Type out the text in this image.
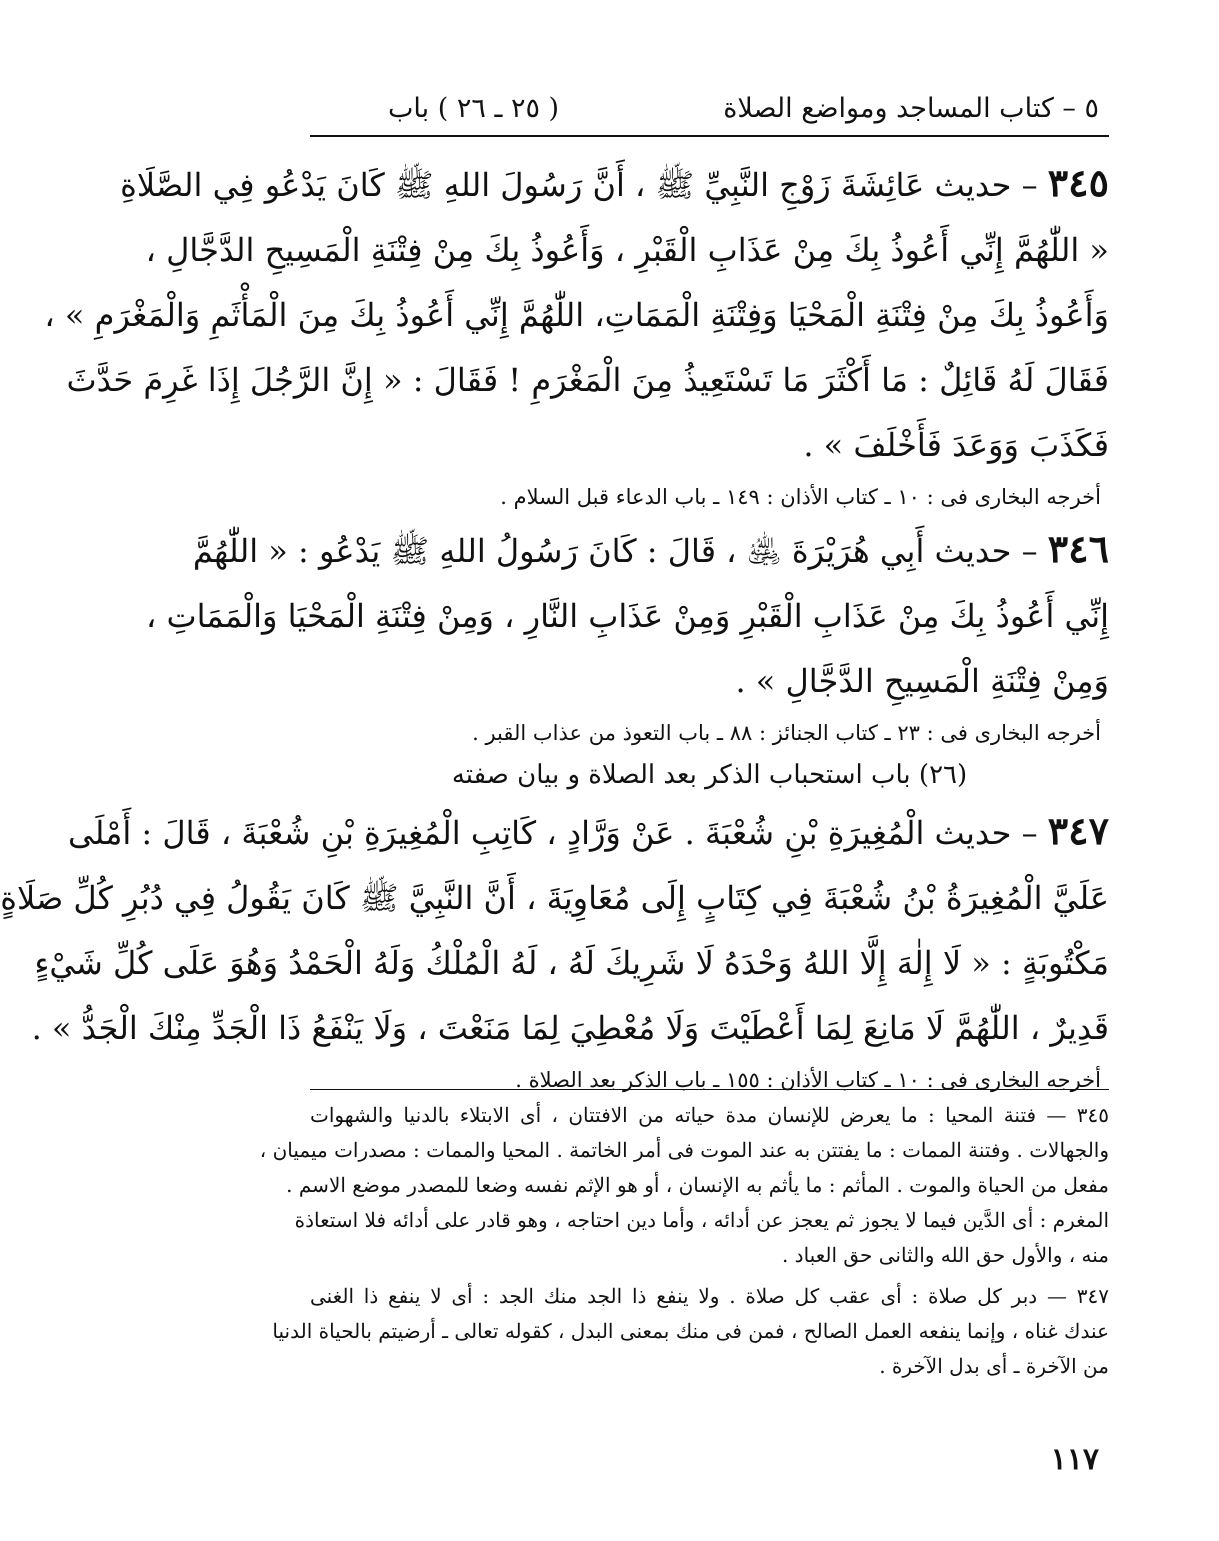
٥ – كتاب المساجد ومواضع الصلاة
( ٢٥ ـ ٢٦ ) باب
٣٤٥ – حديث عَائِشَةَ زَوْجِ النَّبِيِّ ﷺ ، أَنَّ رَسُولَ اللهِ ﷺ كَانَ يَدْعُو فِي الصَّلَاةِ
« اللّٰهُمَّ إِنِّي أَعُوذُ بِكَ مِنْ عَذَابِ الْقَبْرِ ، وَأَعُوذُ بِكَ مِنْ فِتْنَةِ الْمَسِيحِ الدَّجَّالِ ،
وَأَعُوذُ بِكَ مِنْ فِتْنَةِ الْمَحْيَا وَفِتْنَةِ الْمَمَاتِ، اللّٰهُمَّ إِنِّي أَعُوذُ بِكَ مِنَ الْمَأْثَمِ وَالْمَغْرَمِ » ،
فَقَالَ لَهُ قَائِلٌ : مَا أَكْثَرَ مَا تَسْتَعِيذُ مِنَ الْمَغْرَمِ ! فَقَالَ : « إِنَّ الرَّجُلَ إِذَا غَرِمَ حَدَّثَ
فَكَذَبَ وَوَعَدَ فَأَخْلَفَ » .
أخرجه البخارى فى : ١٠ ـ كتاب الأذان : ١٤٩ ـ باب الدعاء قبل السلام .
٣٤٦ – حديث أَبِي هُرَيْرَةَ ﵁ ، قَالَ : كَانَ رَسُولُ اللهِ ﷺ يَدْعُو : « اللّٰهُمَّ
إِنِّي أَعُوذُ بِكَ مِنْ عَذَابِ الْقَبْرِ وَمِنْ عَذَابِ النَّارِ ، وَمِنْ فِتْنَةِ الْمَحْيَا وَالْمَمَاتِ ،
وَمِنْ فِتْنَةِ الْمَسِيحِ الدَّجَّالِ » .
أخرجه البخارى فى : ٢٣ ـ كتاب الجنائز : ٨٨ ـ باب التعوذ من عذاب القبر .
(٢٦) باب استحباب الذكر بعد الصلاة و بيان صفته
٣٤٧ – حديث الْمُغِيرَةِ بْنِ شُعْبَةَ . عَنْ وَرَّادٍ ، كَاتِبِ الْمُغِيرَةِ بْنِ شُعْبَةَ ، قَالَ : أَمْلَى
عَلَيَّ الْمُغِيرَةُ بْنُ شُعْبَةَ فِي كِتَابٍ إِلَى مُعَاوِيَةَ ، أَنَّ النَّبِيَّ ﷺ كَانَ يَقُولُ فِي دُبُرِ كُلِّ صَلَاةٍ
مَكْتُوبَةٍ : « لَا إِلٰهَ إِلَّا اللهُ وَحْدَهُ لَا شَرِيكَ لَهُ ، لَهُ الْمُلْكُ وَلَهُ الْحَمْدُ وَهُوَ عَلَى كُلِّ شَيْءٍ
قَدِيرٌ ، اللّٰهُمَّ لَا مَانِعَ لِمَا أَعْطَيْتَ وَلَا مُعْطِيَ لِمَا مَنَعْتَ ، وَلَا يَنْفَعُ ذَا الْجَدِّ مِنْكَ الْجَدُّ » .
أخرجه البخارى فى : ١٠ ـ كتاب الأذان : ١٥٥ ـ باب الذكر بعد الصلاة .
٣٤٥ — فتنة المحيا : ما يعرض للإنسان مدة حياته من الافتتان ، أى الابتلاء بالدنيا والشهوات
والجهالات . وفتنة الممات : ما يفتتن به عند الموت فى أمر الخاتمة . المحيا والممات : مصدرات ميميان ،
مفعل من الحياة والموت . المأثم : ما يأثم به الإنسان ، أو هو الإثم نفسه وضعا للمصدر موضع الاسم .
المغرم : أى الدَّين فيما لا يجوز ثم يعجز عن أدائه ، وأما دين احتاجه ، وهو قادر على أدائه فلا استعاذة
منه ، والأول حق الله والثانى حق العباد .
٣٤٧ — دبر كل صلاة : أى عقب كل صلاة . ولا ينفع ذا الجد منك الجد : أى لا ينفع ذا الغنى
عندك غناه ، وإنما ينفعه العمل الصالح ، فمن فى منك بمعنى البدل ، كقوله تعالى ـ أرضيتم بالحياة الدنيا
من الآخرة ـ أى بدل الآخرة .
١١٧
